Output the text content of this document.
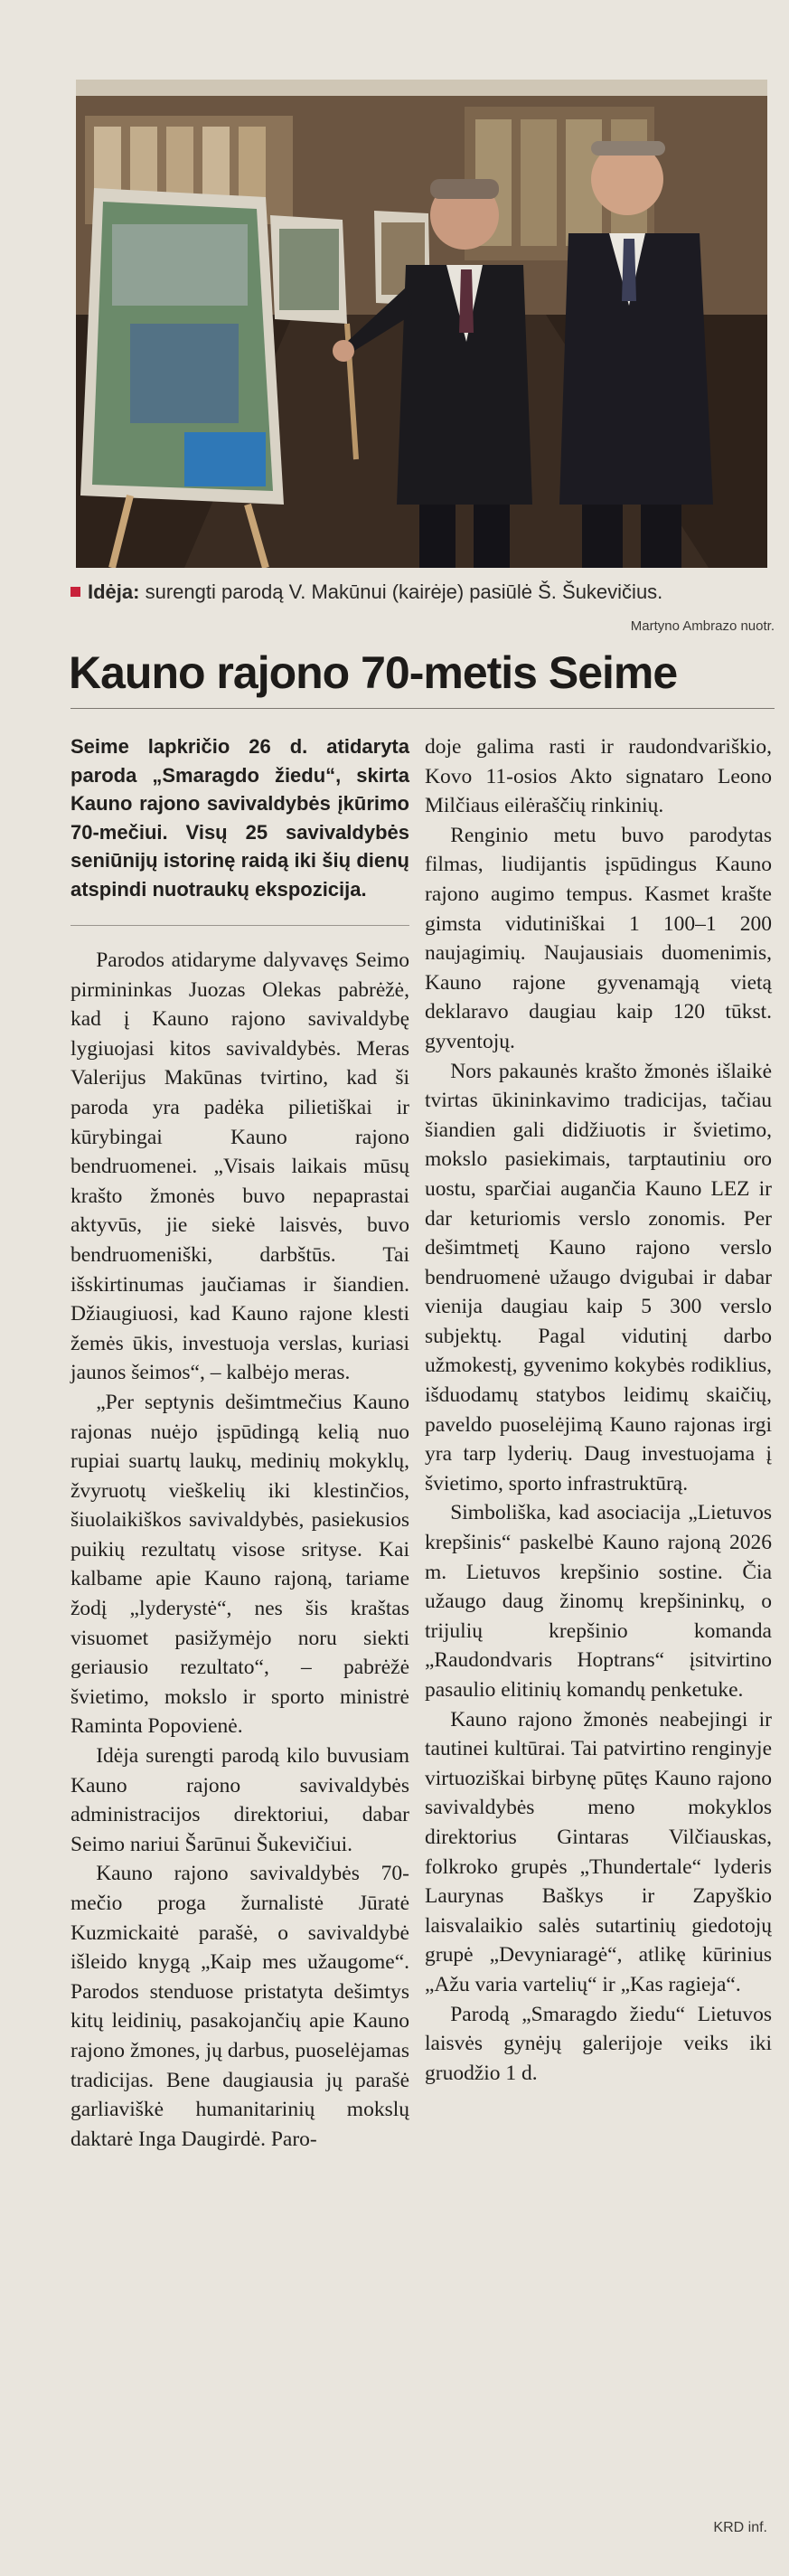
Idėja: surengti parodą V. Makūnui (kairėje) pasiūlė Š. Šukevičius.
Martyno Ambrazo nuotr.
Kauno rajono 70-metis Seime

Seime lapkričio 26 d. atidaryta paroda „Smaragdo žiedu“, skirta Kauno rajono savivaldybės įkūrimo 70-mečiui. Visų 25 savivaldybės seniūnijų istorinę raidą iki šių dienų atspindi nuotraukų ekspozicija.

Parodos atidaryme dalyvavęs Seimo pirmininkas Juozas Olekas pabrėžė, kad į Kauno rajono savivaldybę lygiuojasi kitos savivaldybės. Meras Valerijus Makūnas tvirtino, kad ši paroda yra padėka pilietiškai ir kūrybingai Kauno rajono bendruomenei. „Visais laikais mūsų krašto žmonės buvo nepaprastai aktyvūs, jie siekė laisvės, buvo bendruomeniški, darbštūs. Tai išskirtinumas jaučiamas ir šiandien. Džiaugiuosi, kad Kauno rajone klesti žemės ūkis, investuoja verslas, kuriasi jaunos šeimos“, – kalbėjo meras.

„Per septynis dešimtmečius Kauno rajonas nuėjo įspūdingą kelią nuo rupiai suartų laukų, medinių mokyklų, žvyruotų vieškelių iki klestinčios, šiuolaikiškos savivaldybės, pasiekusios puikių rezultatų visose srityse. Kai kalbame apie Kauno rajoną, tariame žodį „lyderystė“, nes šis kraštas visuomet pasižymėjo noru siekti geriausio rezultato“, – pabrėžė švietimo, mokslo ir sporto ministrė Raminta Popovienė.

Idėja surengti parodą kilo buvusiam Kauno rajono savivaldybės administracijos direktoriui, dabar Seimo nariui Šarūnui Šukevičiui.

Kauno rajono savivaldybės 70-mečio proga žurnalistė Jūratė Kuzmickaitė parašė, o savivaldybė išleido knygą „Kaip mes užaugome“. Parodos stenduose pristatyta dešimtys kitų leidinių, pasakojančių apie Kauno rajono žmones, jų darbus, puoselėjamas tradicijas. Bene daugiausia jų parašė garliaviškė humanitarinių mokslų daktarė Inga Daugirdė. Paro-

doje galima rasti ir raudondvariškio, Kovo 11-osios Akto signataro Leono Milčiaus eilėraščių rinkinių.

Renginio metu buvo parodytas filmas, liudijantis įspūdingus Kauno rajono augimo tempus. Kasmet krašte gimsta vidutiniškai 1 100–1 200 naujagimių. Naujausiais duomenimis, Kauno rajone gyvenamąją vietą deklaravo daugiau kaip 120 tūkst. gyventojų.

Nors pakaunės krašto žmonės išlaikė tvirtas ūkininkavimo tradicijas, tačiau šiandien gali didžiuotis ir švietimo, mokslo pasiekimais, tarptautiniu oro uostu, sparčiai augančia Kauno LEZ ir dar keturiomis verslo zonomis. Per dešimtmetį Kauno rajono verslo bendruomenė užaugo dvigubai ir dabar vienija daugiau kaip 5 300 verslo subjektų. Pagal vidutinį darbo užmokestį, gyvenimo kokybės rodiklius, išduodamų statybos leidimų skaičių, paveldo puoselėjimą Kauno rajonas irgi yra tarp lyderių. Daug investuojama į švietimo, sporto infrastruktūrą.

Simboliška, kad asociacija „Lietuvos krepšinis“ paskelbė Kauno rajoną 2026 m. Lietuvos krepšinio sostine. Čia užaugo daug žinomų krepšininkų, o trijulių krepšinio komanda „Raudondvaris Hoptrans“ įsitvirtino pasaulio elitinių komandų penketuke.

Kauno rajono žmonės neabejingi ir tautinei kultūrai. Tai patvirtino renginyje virtuoziškai birbynę pūtęs Kauno rajono savivaldybės meno mokyklos direktorius Gintaras Vilčiauskas, folkroko grupės „Thundertale“ lyderis Laurynas Baškys ir Zapyškio laisvalaikio salės sutartinių giedotojų grupė „Devyniaragė“, atlikę kūrinius „Ažu varia vartelių“ ir „Kas ragieja“.

Parodą „Smaragdo žiedu“ Lietuvos laisvės gynėjų galerijoje veiks iki gruodžio 1 d.

KRD inf.
